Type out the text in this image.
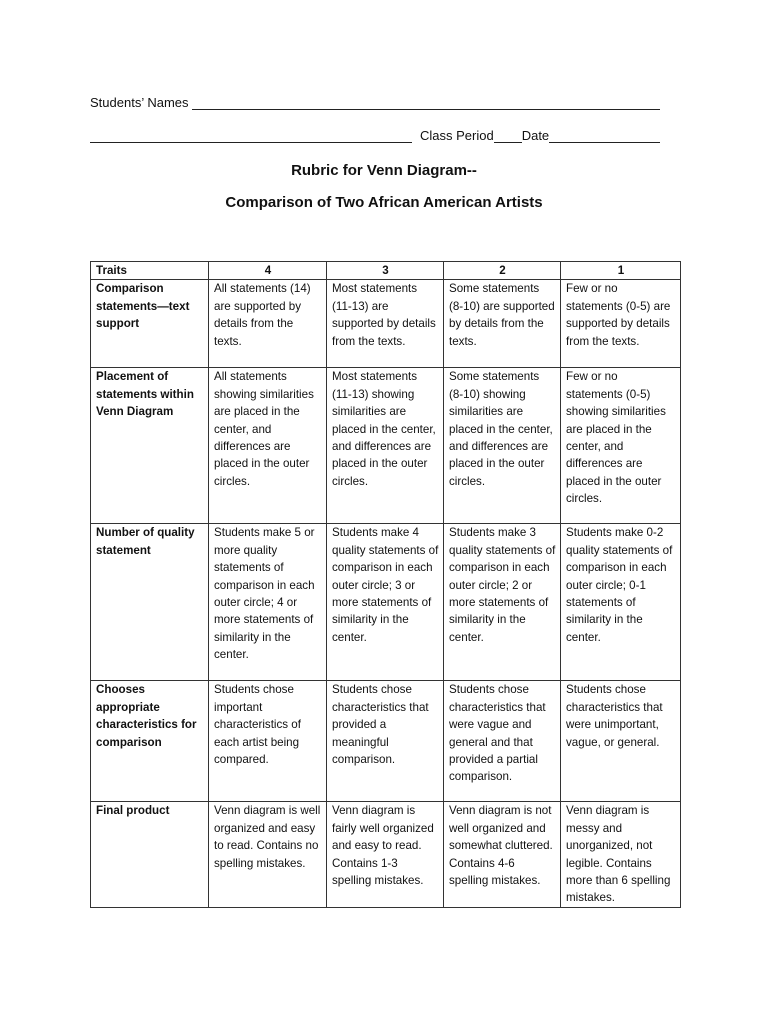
Students’ Names
Class Period Date
Rubric for Venn Diagram--
Comparison of Two African American Artists
Traits	4	3	2	1
Comparison statements—text support	All statements (14) are supported by details from the texts.	Most statements (11-13) are supported by details from the texts.	Some statements (8-10) are supported by details from the texts.	Few or no statements (0-5) are supported by details from the texts.
Placement of statements within Venn Diagram	All statements showing similarities are placed in the center, and differences are placed in the outer circles.	Most statements (11-13) showing similarities are placed in the center, and differences are placed in the outer circles.	Some statements (8-10) showing similarities are placed in the center, and differences are placed in the outer circles.	Few or no statements (0-5) showing similarities are placed in the center, and differences are placed in the outer circles.
Number of quality statement	Students make 5 or more quality statements of comparison in each outer circle; 4 or more statements of similarity in the center.	Students make 4 quality statements of comparison in each outer circle; 3 or more statements of similarity in the center.	Students make 3 quality statements of comparison in each outer circle; 2 or more statements of similarity in the center.	Students make 0-2 quality statements of comparison in each outer circle; 0-1 statements of similarity in the center.
Chooses appropriate characteristics for comparison	Students chose important characteristics of each artist being compared.	Students chose characteristics that provided a meaningful comparison.	Students chose characteristics that were vague and general and that provided a partial comparison.	Students chose characteristics that were unimportant, vague, or general.
Final product	Venn diagram is well organized and easy to read. Contains no spelling mistakes.	Venn diagram is fairly well organized and easy to read. Contains 1-3 spelling mistakes.	Venn diagram is not well organized and somewhat cluttered. Contains 4-6 spelling mistakes.	Venn diagram is messy and unorganized, not legible. Contains more than 6 spelling mistakes.
